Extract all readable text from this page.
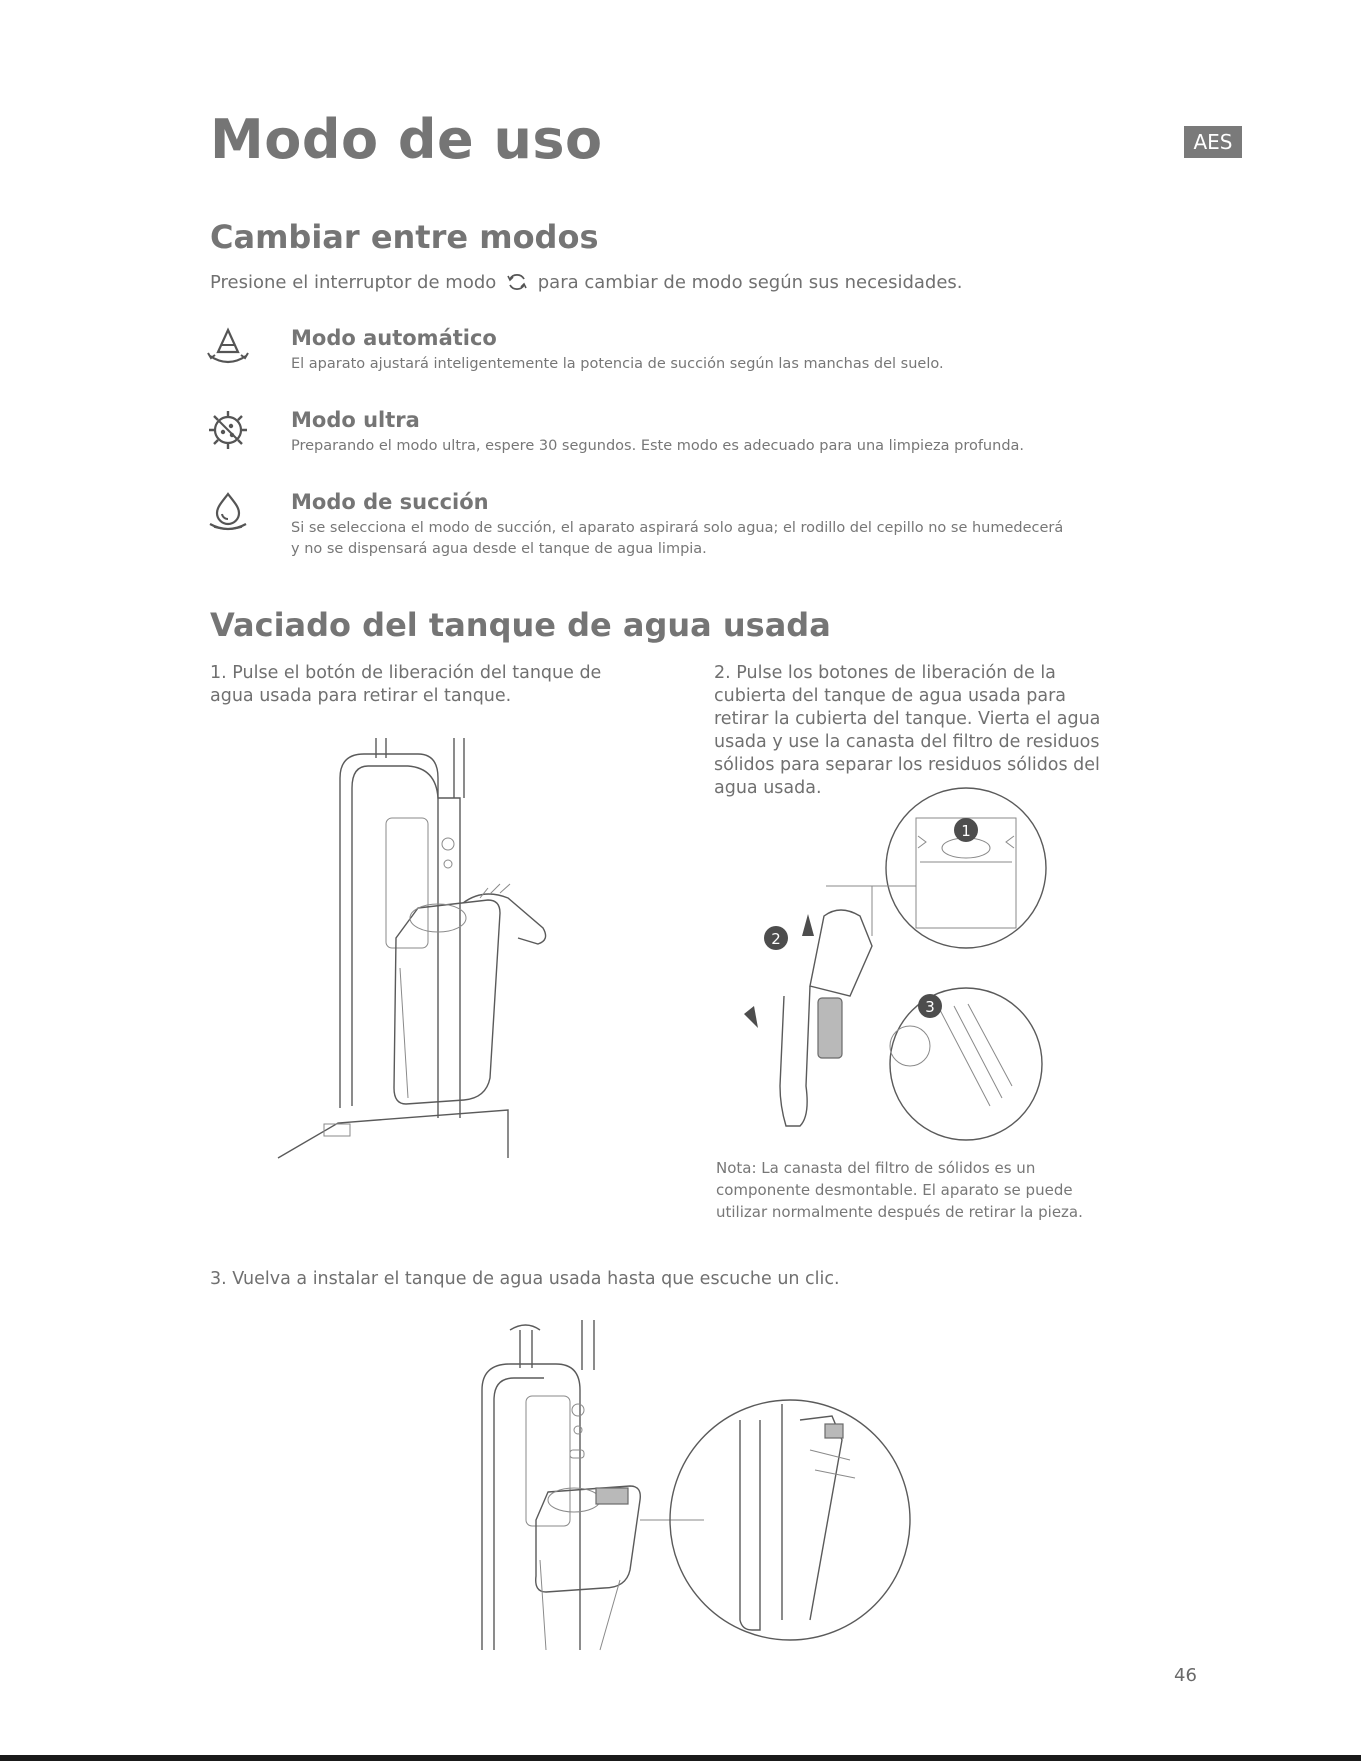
Modo de uso	AES
Cambiar entre modos
Presione el interruptor de modo para cambiar de modo según sus necesidades.
Modo automático
El aparato ajustará inteligentemente la potencia de succión según las manchas del suelo.
Modo ultra
Preparando el modo ultra, espere 30 segundos. Este modo es adecuado para una limpieza profunda.
Modo de succión
Si se selecciona el modo de succión, el aparato aspirará solo agua; el rodillo del cepillo no se humedecerá
y no se dispensará agua desde el tanque de agua limpia.
Vaciado del tanque de agua usada
1. Pulse el botón de liberación del tanque de
agua usada para retirar el tanque.
2. Pulse los botones de liberación de la
cubierta del tanque de agua usada para
retirar la cubierta del tanque. Vierta el agua
usada y use la canasta del filtro de residuos
sólidos para separar los residuos sólidos del
agua usada.
1
2
3
Nota: La canasta del filtro de sólidos es un
componente desmontable. El aparato se puede
utilizar normalmente después de retirar la pieza.
3. Vuelva a instalar el tanque de agua usada hasta que escuche un clic.
46
